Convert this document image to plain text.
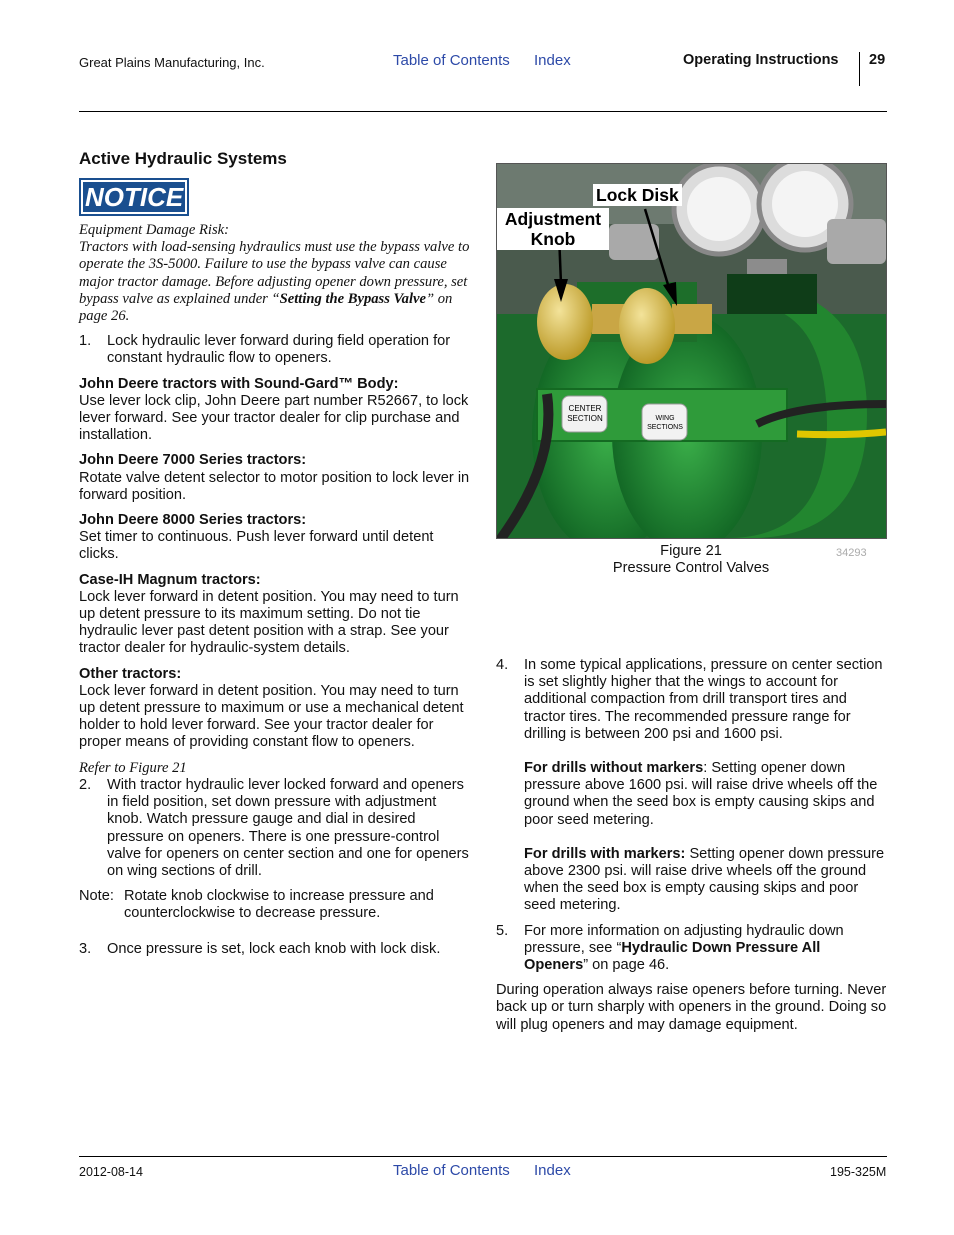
Great Plains Manufacturing, Inc.	Table of Contents Index	Operating Instructions 29
Active Hydraulic Systems
NOTICE
Equipment Damage Risk:

Tractors with load-sensing hydraulics must use the bypass valve to operate the 3S-5000. Failure to use the bypass valve can cause major tractor damage. Before adjusting opener down pressure, set bypass valve as explained under “Setting the Bypass Valve” on page 26.

1.	Lock hydraulic lever forward during field operation for constant hydraulic flow to openers.
John Deere tractors with Sound-Gard™ Body:

Use lever lock clip, John Deere part number R52667, to lock lever forward. See your tractor dealer for clip purchase and installation.

John Deere 7000 Series tractors:

Rotate valve detent selector to motor position to lock lever in forward position.

John Deere 8000 Series tractors:

Set timer to continuous. Push lever forward until detent clicks.

Case-IH Magnum tractors:

Lock lever forward in detent position. You may need to turn up detent pressure to its maximum setting. Do not tie hydraulic lever past detent position with a strap. See your tractor dealer for hydraulic-system details.

Other tractors:

Lock lever forward in detent position. You may need to turn up detent pressure to maximum or use a mechanical detent holder to hold lever forward. See your tractor dealer for proper means of providing constant flow to openers.

Refer to Figure 21
2.	With tractor hydraulic lever locked forward and openers in field position, set down pressure with adjustment knob. Watch pressure gauge and dial in desired pressure on openers. There is one pressure-control valve for openers on center section and one for openers on wing sections of drill.
Note: Rotate knob clockwise to increase pressure and counterclockwise to decrease pressure.
3.	Once pressure is set, lock each knob with lock disk.
CENTER
SECTION	WING
SECTIONS
Lock Disk
Adjustment
Knob
Figure 21
Pressure Control Valves
34293
4.	In some typical applications, pressure on center section is set slightly higher that the wings to account for additional compaction from drill transport tires and tractor tires. The recommended pressure range for drilling is between 200 psi and 1600 psi.

For drills without markers: Setting opener down pressure above 1600 psi. will raise drive wheels off the ground when the seed box is empty causing skips and poor seed metering.

For drills with markers: Setting opener down pressure above 2300 psi. will raise drive wheels off the ground when the seed box is empty causing skips and poor seed metering.

5.	For more information on adjusting hydraulic down pressure, see “Hydraulic Down Pressure All Openers” on page 46.

During operation always raise openers before turning. Never back up or turn sharply with openers in the ground. Doing so will plug openers and may damage equipment.

2012-08-14	Table of Contents Index	195-325M
